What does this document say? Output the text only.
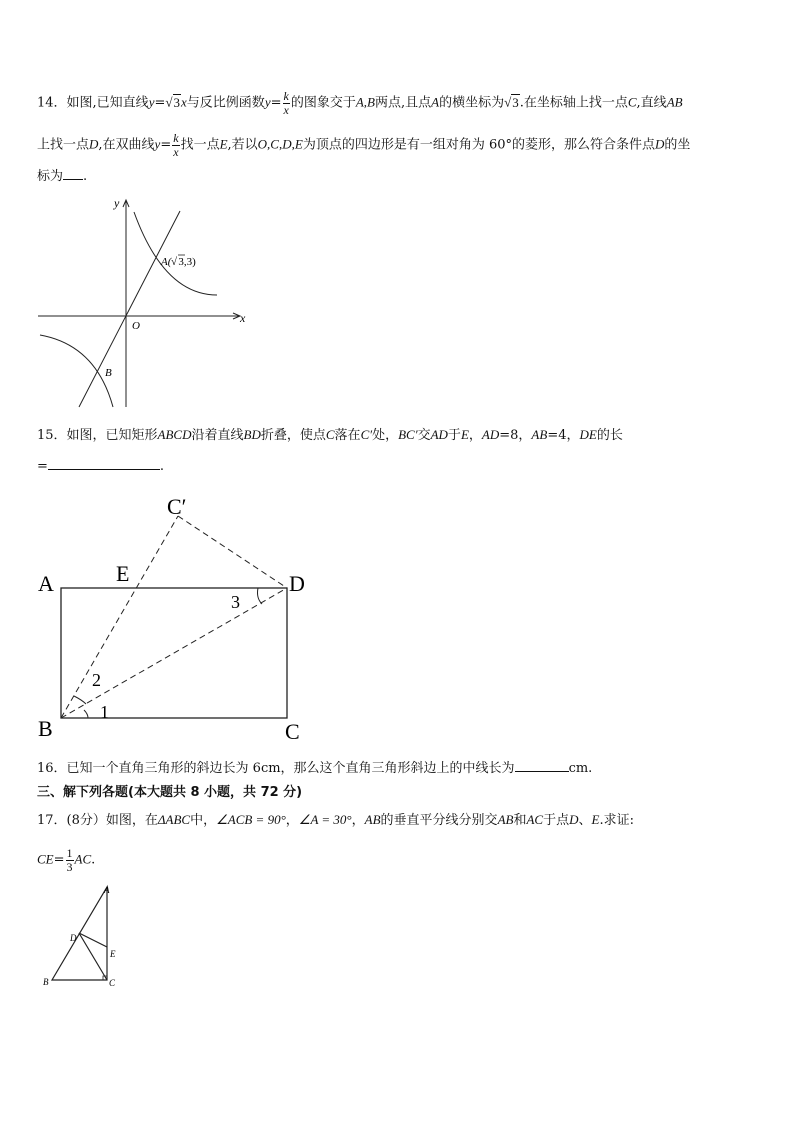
14．如图,已知直线y=√3x与反比例函数$y= \frac{k}{x}$ 的图象交于A,B两点,且点A的横坐标为√3.在坐标轴上找一点C,直线AB
上找一点D,在双曲线$y= \frac{k}{x}$ 找一点E,若以O,C,D,E为顶点的四边形是有一组对角为 60°的菱形，那么符合条件点D的坐
标为 .
y
x
O
A( 3,3)
√
B
15．如图，已知矩形ABCD沿着直线BD折叠，使点C落在C′处，BC′交AD于E，AD=8，AB=4，DE的长
=	.
A	E
C′
D
B	C
1
2
3
16．已知一个直角三角形的斜边长为 6cm，那么这个直角三角形斜边上的中线长为	cm.
三、解下列各题(本大题共 8 小题，共 72 分)
17．(8分）如图，在ΔABC中，∠ACB = 90°，∠A = 30°，AB的垂直平分线分别交AB和AC于点D、E.求证:
$CE= \frac{1}{3}$ AC.
A
D
E
B	C
